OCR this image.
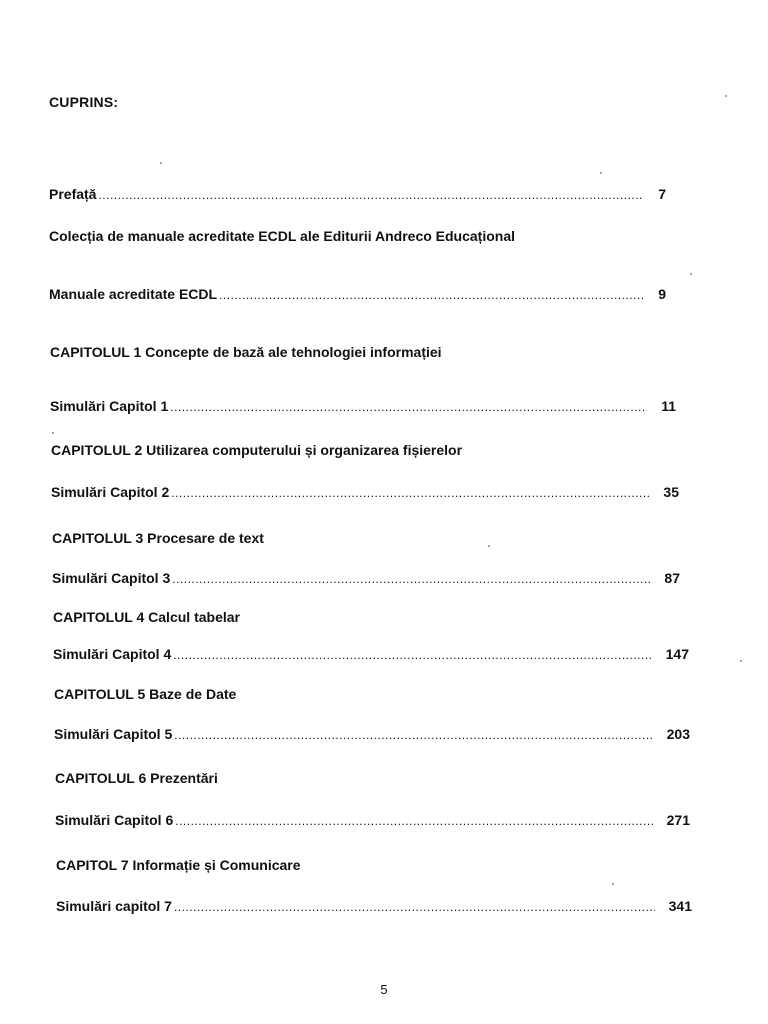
CUPRINS:
Prefață .....	7
Colecția de manuale acreditate ECDL ale Editurii Andreco Educațional
Manuale acreditate ECDL .....	9
CAPITOLUL 1 Concepte de bază ale tehnologiei informației
Simulări Capitol 1 .....	11
CAPITOLUL 2 Utilizarea computerului și organizarea fișierelor
Simulări Capitol 2 .....	35
CAPITOLUL 3 Procesare de text
Simulări Capitol 3 .....	87
CAPITOLUL 4 Calcul tabelar
Simulări Capitol 4 .....	147
CAPITOLUL 5 Baze de Date
Simulări Capitol 5 .....	203
CAPITOLUL 6 Prezentări
Simulări Capitol 6 .....	271
CAPITOL 7 Informație și Comunicare
Simulări capitol 7 .....	341
5
